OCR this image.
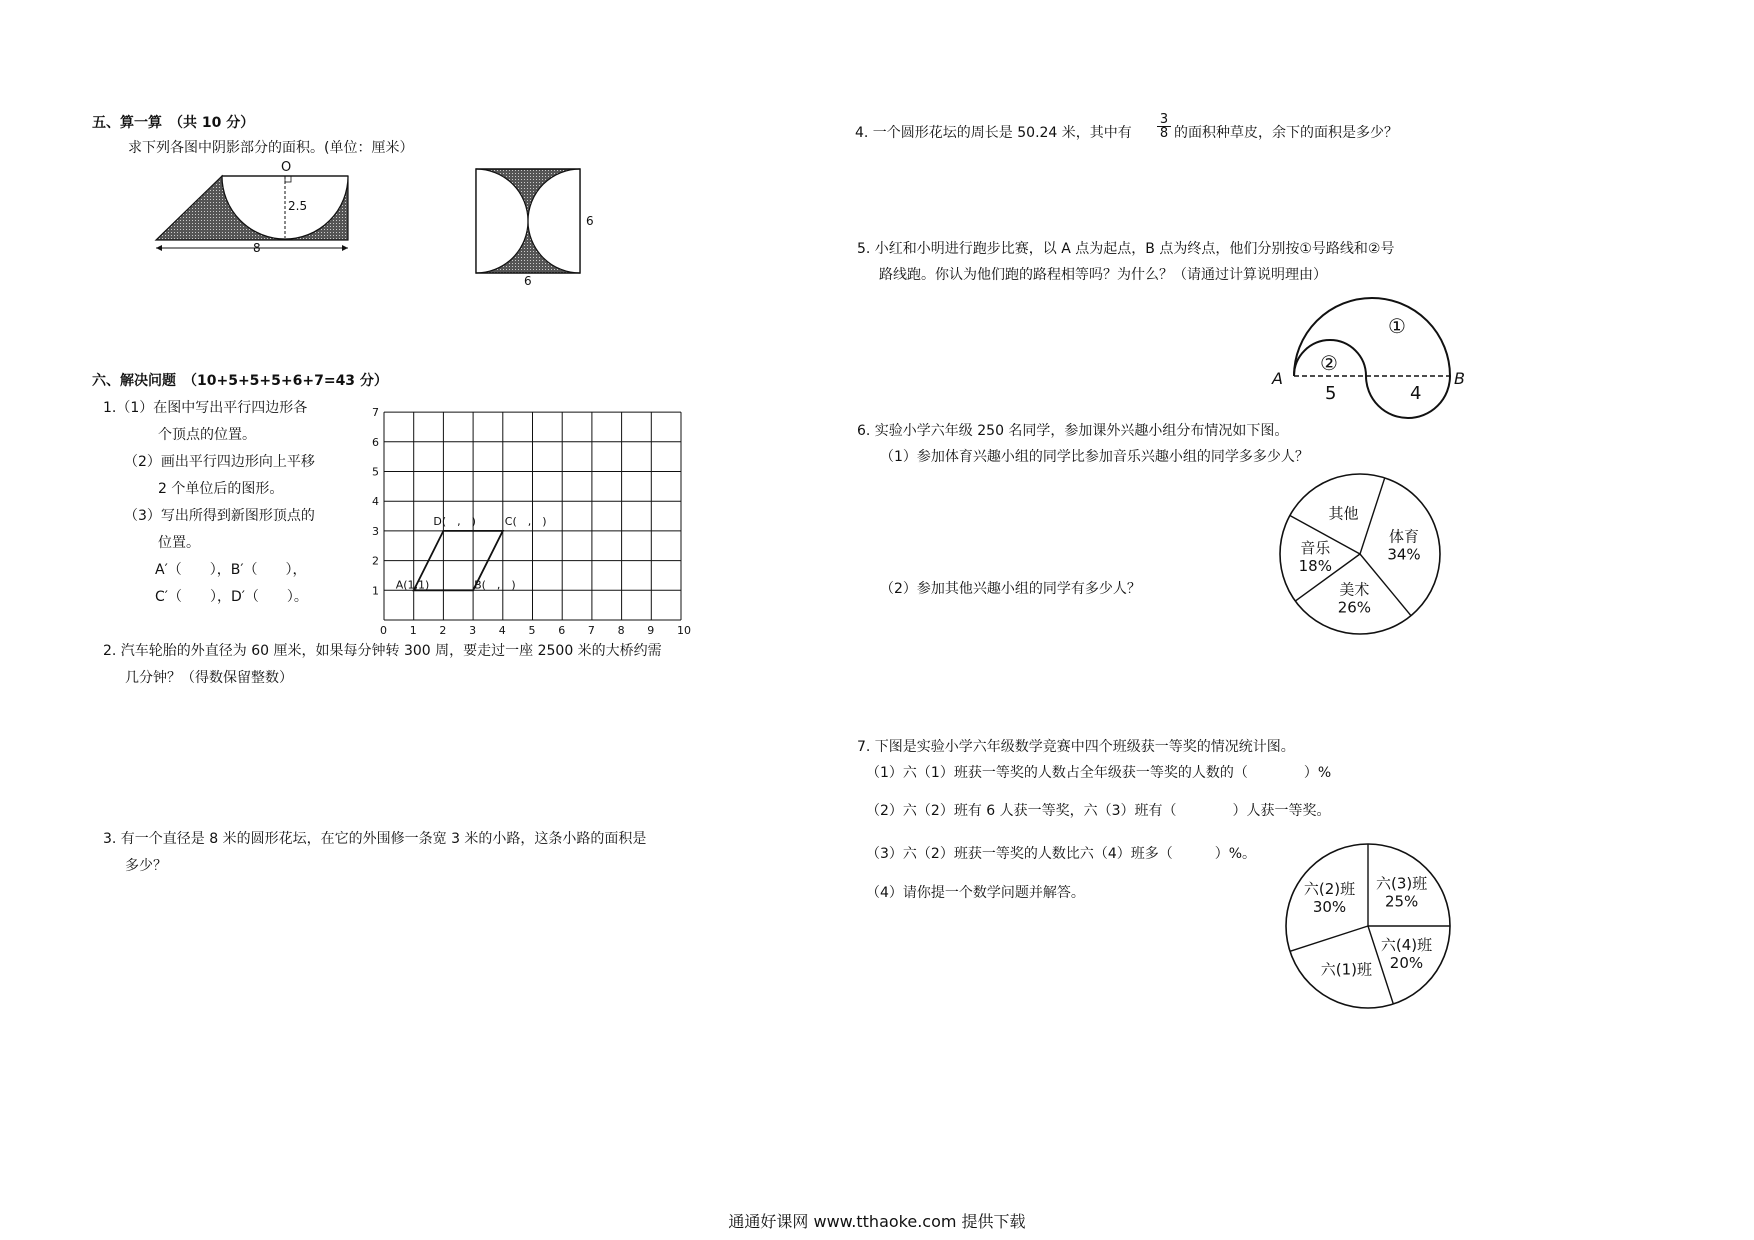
五、算一算　（共 10 分）
求下列各图中阴影部分的面积。(单位：厘米）
O
2.5
8
6
6
六、解决问题　（10+5+5+5+6+7=43 分）
1.（1）在图中写出平行四边形各
个顶点的位置。
（2）画出平行四边形向上平移
2 个单位后的图形。
（3）写出所得到新图形顶点的
位置。
A′（　　），B′（　　），
C′（　　），D′（　　）。
0 1 2 3 4 5 6 7 8 9 10
1
2
3
4
5
6
7
A(1,1)	B(　,　)
C(　,　)
D(　,　)
2. 汽车轮胎的外直径为 60 厘米，如果每分钟转 300 周，要走过一座 2500 米的大桥约需
几分钟？（得数保留整数）
3. 有一个直径是 8 米的圆形花坛，在它的外围修一条宽 3 米的小路，这条小路的面积是
多少？
4. 一个圆形花坛的周长是 50.24 米，其中有 $\frac{3}{8}$ 的面积种草皮，余下的面积是多少？
5. 小红和小明进行跑步比赛，以 A 点为起点，B 点为终点，他们分别按①号路线和②号
路线跑。你认为他们跑的路程相等吗？为什么？（请通过计算说明理由）
A	B
①
②
5	4
6. 实验小学六年级 250 名同学，参加课外兴趣小组分布情况如下图。
（1）参加体育兴趣小组的同学比参加音乐兴趣小组的同学多多少人？
（2）参加其他兴趣小组的同学有多少人？
体育
34%
美术
26%
音乐
18%
其他
7. 下图是实验小学六年级数学竞赛中四个班级获一等奖的情况统计图。
（1）六（1）班获一等奖的人数占全年级获一等奖的人数的（　　　　）%
（2）六（2）班有 6 人获一等奖，六（3）班有（　　　　）人获一等奖。
（3）六（2）班获一等奖的人数比六（4）班多（　　　）%。
（4）请你提一个数学问题并解答。
六(3)班
25%
六(4)班
20%
六(1)班
六(2)班
30%
通通好课网 www.tthaoke.com 提供下载
